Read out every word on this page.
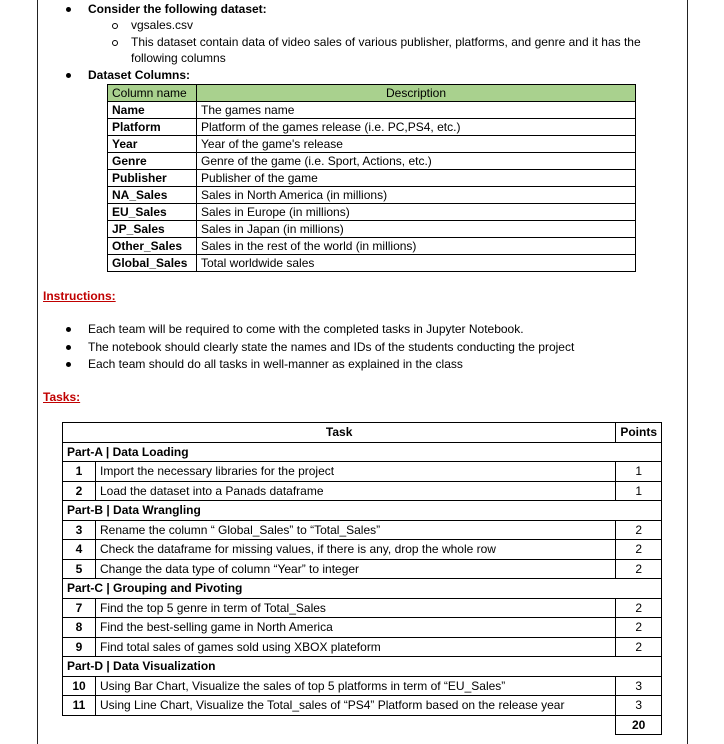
Consider the following dataset:
vgsales.csv
This dataset contain data of video sales of various publisher, platforms, and genre and it has the
following columns
Dataset Columns:
Column name	Description
Name	The games name
Platform	Platform of the games release (i.e. PC,PS4, etc.)
Year	Year of the game's release
Genre	Genre of the game (i.e. Sport, Actions, etc.)
Publisher	Publisher of the game
NA_Sales	Sales in North America (in millions)
EU_Sales	Sales in Europe (in millions)
JP_Sales	Sales in Japan (in millions)
Other_Sales	Sales in the rest of the world (in millions)
Global_Sales	Total worldwide sales
Instructions:
Each team will be required to come with the completed tasks in Jupyter Notebook.
The notebook should clearly state the names and IDs of the students conducting the project
Each team should do all tasks in well-manner as explained in the class
Tasks:
Task		Points
Part-A | Data Loading		
1	Import the necessary libraries for the project	1
2	Load the dataset into a Panads dataframe	1
Part-B | Data Wrangling		
3	Rename the column “ Global_Sales” to “Total_Sales”	2
4	Check the dataframe for missing values, if there is any, drop the whole row	2
5	Change the data type of column “Year” to integer	2
Part-C | Grouping and Pivoting		
7	Find the top 5 genre in term of Total_Sales	2
8	Find the best-selling game in North America	2
9	Find total sales of games sold using XBOX plateform	2
Part-D | Data Visualization		
10	Using Bar Chart, Visualize the sales of top 5 platforms in term of “EU_Sales”	3
11	Using Line Chart, Visualize the Total_sales of “PS4” Platform based on the release year	3
		20
